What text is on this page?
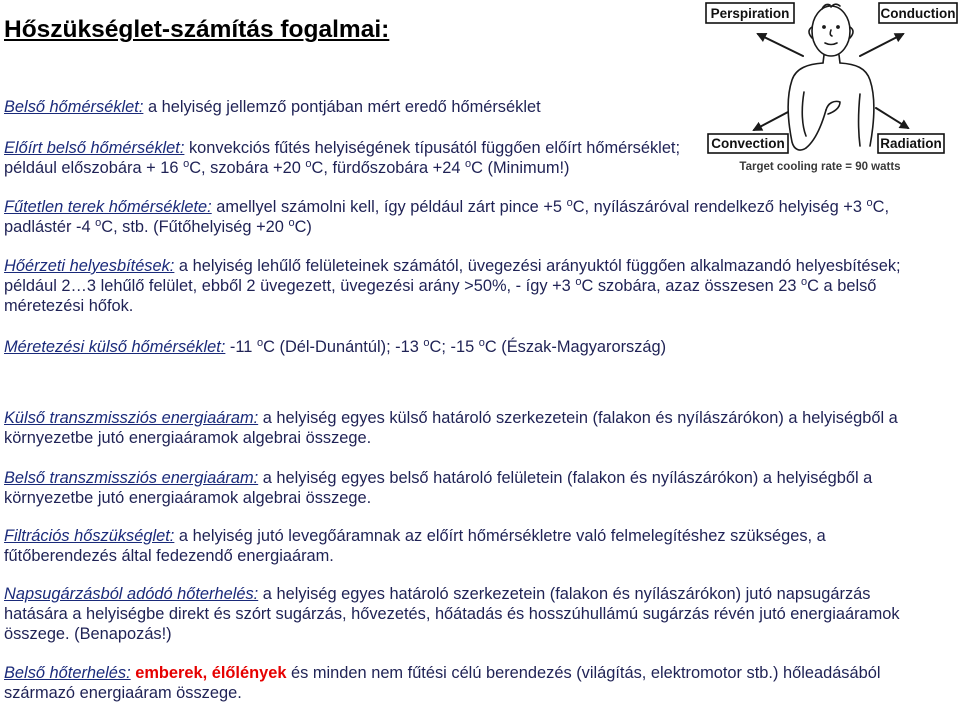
Hőszükséglet-számítás fogalmai:

Belső hőmérséklet: a helyiség jellemző pontjában mért eredő hőmérséklet

Előírt belső hőmérséklet: konvekciós fűtés helyiségének típusától függően előírt hőmérséklet; például előszobára + 16 $^o$C, szobára +20 $^o$C, fürdőszobára +24 $^o$C (Minimum!)

Fűtetlen terek hőmérséklete: amellyel számolni kell, így például zárt pince +5 $^o$C, nyílászáróval rendelkező helyiség +3 $^o$C, padlástér -4 $^o$C, stb. (Fűtőhelyiség +20 $^o$C)

Hőérzeti helyesbítések: a helyiség lehűlő felületeinek számától, üvegezési arányuktól függően alkalmazandó helyesbítések; például 2…3 lehűlő felület, ebből 2 üvegezett, üvegezési arány >50%, - így +3 $^o$C szobára, azaz összesen 23 $^o$C a belső méretezési hőfok.

Méretezési külső hőmérséklet: -11 $^o$C (Dél-Dunántúl); -13 $^o$C; -15 $^o$C (Észak-Magyarország)

Külső transzmissziós energiaáram: a helyiség egyes külső határoló szerkezetein (falakon és nyílászárókon) a helyiségből a környezetbe jutó energiaáramok algebrai összege.

Belső transzmissziós energiaáram: a helyiség egyes belső határoló felületein (falakon és nyílászárókon) a helyiségből a környezetbe jutó energiaáramok algebrai összege.

Filtrációs hőszükséglet: a helyiség jutó levegőáramnak az előírt hőmérsékletre való felmelegítéshez szükséges, a fűtőberendezés által fedezendő energiaáram.

Napsugárzásból adódó hőterhelés: a helyiség egyes határoló szerkezetein (falakon és nyílászárókon) jutó napsugárzás hatására a helyiségbe direkt és szórt sugárzás, hővezetés, hőátadás és hosszúhullámú sugárzás révén jutó energiaáramok összege. (Benapozás!)

Belső hőterhelés: emberek, élőlények és minden nem fűtési célú berendezés (világítás, elektromotor stb.) hőleadásából származó energiaáram összege.

Perspiration	Conduction
Convection	Radiation
Target cooling rate = 90 watts
